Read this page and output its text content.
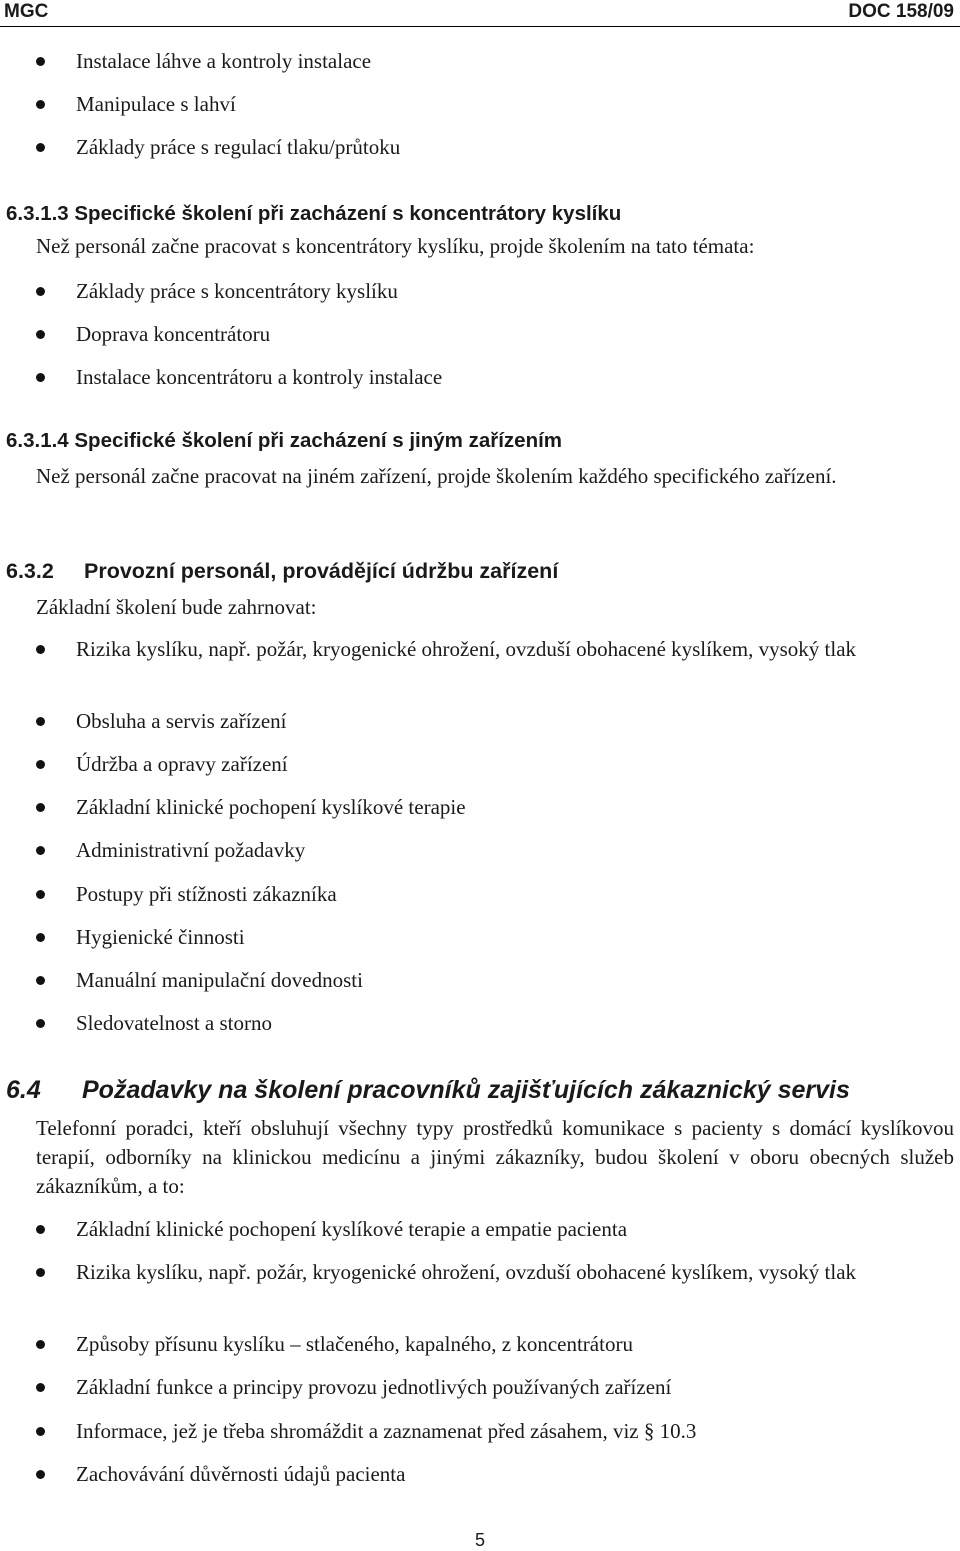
MGC	DOC 158/09
Instalace láhve a kontroly instalace
Manipulace s lahví
Základy práce s regulací tlaku/průtoku
6.3.1.3 Specifické školení při zacházení s koncentrátory kyslíku
Než personál začne pracovat s koncentrátory kyslíku, projde školením na tato témata:
Základy práce s koncentrátory kyslíku
Doprava koncentrátoru
Instalace koncentrátoru a kontroly instalace
6.3.1.4 Specifické školení při zacházení s jiným zařízením
Než personál začne pracovat na jiném zařízení, projde školením každého specifického zařízení.
6.3.2 Provozní personál, provádějící údržbu zařízení
Základní školení bude zahrnovat:
Rizika kyslíku, např. požár, kryogenické ohrožení, ovzduší obohacené kyslíkem, vysoký tlak
Obsluha a servis zařízení
Údržba a opravy zařízení
Základní klinické pochopení kyslíkové terapie
Administrativní požadavky
Postupy při stížnosti zákazníka
Hygienické činnosti
Manuální manipulační dovednosti
Sledovatelnost a storno
6.4 Požadavky na školení pracovníků zajišťujících zákaznický servis
Telefonní poradci, kteří obsluhují všechny typy prostředků komunikace s pacienty s domácí kyslíkovou terapií, odborníky na klinickou medicínu a jinými zákazníky, budou školení v oboru obecných služeb zákazníkům, a to:
Základní klinické pochopení kyslíkové terapie a empatie pacienta
Rizika kyslíku, např. požár, kryogenické ohrožení, ovzduší obohacené kyslíkem, vysoký tlak
Způsoby přísunu kyslíku – stlačeného, kapalného, z koncentrátoru
Základní funkce a principy provozu jednotlivých používaných zařízení
Informace, jež je třeba shromáždit a zaznamenat před zásahem, viz § 10.3
Zachovávání důvěrnosti údajů pacienta
5
